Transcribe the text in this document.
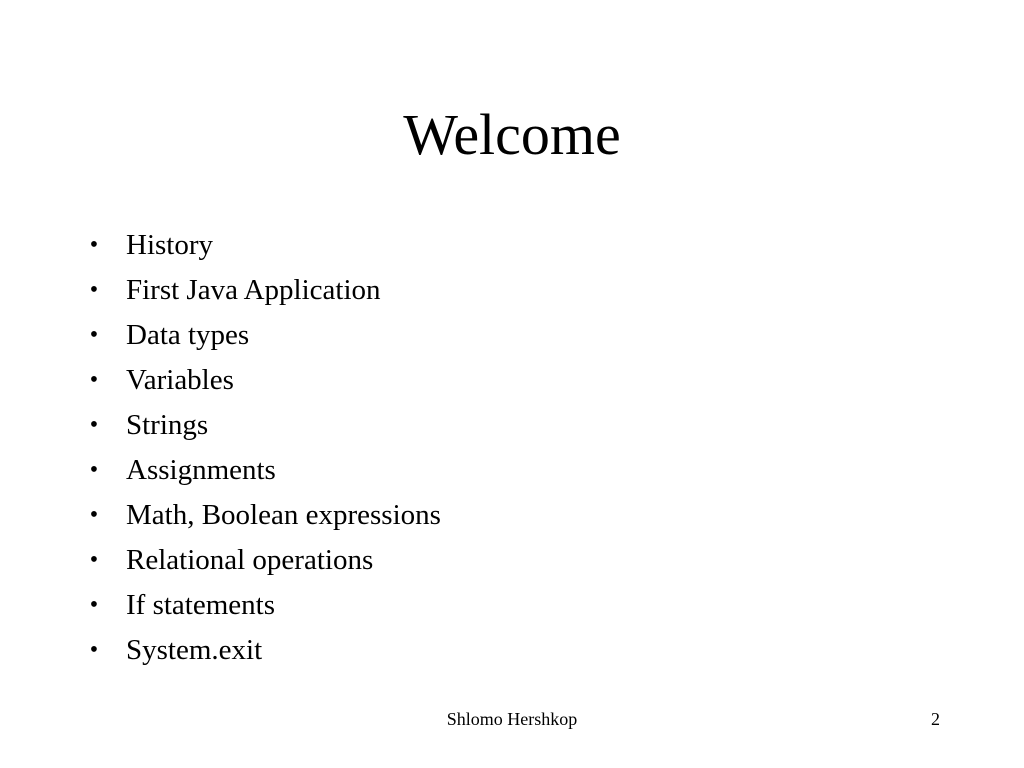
Welcome
• History
• First Java Application
• Data types
• Variables
• Strings
• Assignments
• Math, Boolean expressions
• Relational operations
• If statements
• System.exit
Shlomo Hershkop	2
